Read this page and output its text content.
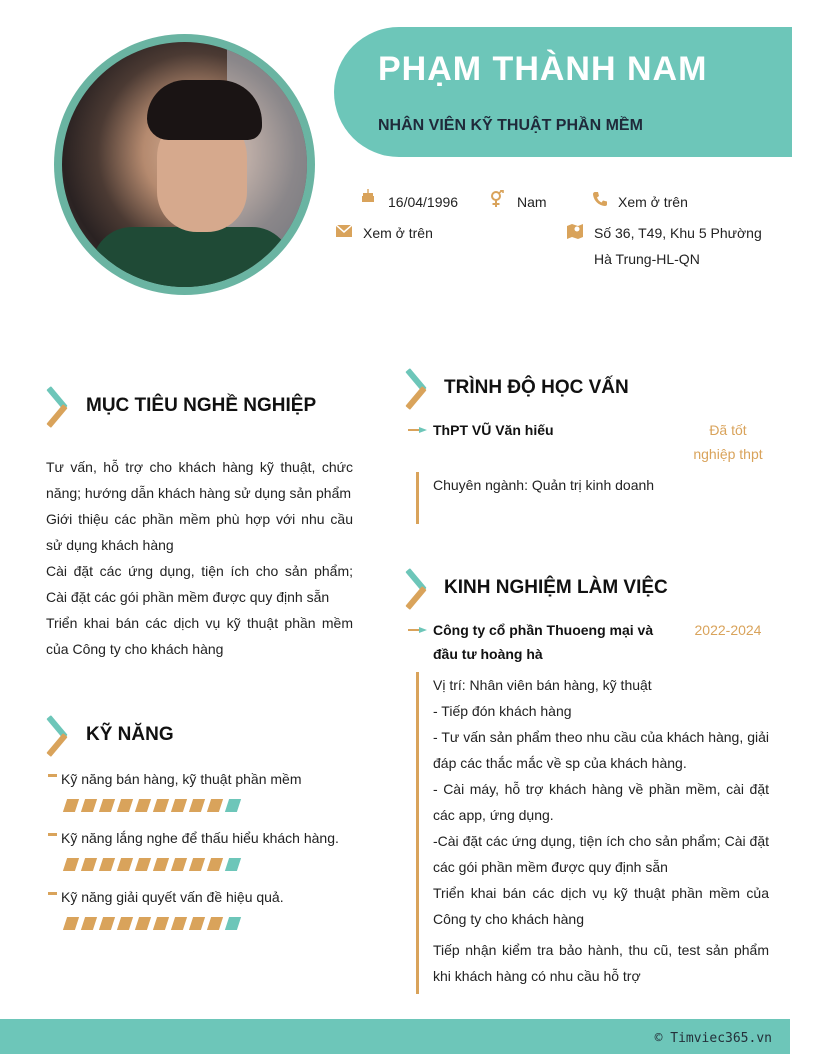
PHẠM THÀNH NAM
NHÂN VIÊN KỸ THUẬT PHẦN MỀM
16/04/1996	Nam	Xem ở trên
Xem ở trên	Số 36, T49, Khu 5 Phường
Hà Trung-HL-QN
MỤC TIÊU NGHỀ NGHIỆP
Tư vấn, hỗ trợ cho khách hàng kỹ thuật, chức năng; hướng dẫn khách hàng sử dụng sản phẩm
Giới thiệu các phần mềm phù hợp với nhu cầu sử dụng khách hàng
Cài đặt các ứng dụng, tiện ích cho sản phẩm; Cài đặt các gói phần mềm được quy định sẵn
Triển khai bán các dịch vụ kỹ thuật phần mềm của Công ty cho khách hàng
KỸ NĂNG
Kỹ năng bán hàng, kỹ thuật phần mềm
Kỹ năng lắng nghe để thấu hiểu khách hàng.
Kỹ năng giải quyết vấn đề hiệu quả.
TRÌNH ĐỘ HỌC VẤN
ThPT VŨ Văn hiếu	Đã tốt
nghiệp thpt
Chuyên ngành: Quản trị kinh doanh
KINH NGHIỆM LÀM VIỆC
Công ty cổ phần Thuoeng mại và
đầu tư hoàng hà
2022-2024
Vị trí: Nhân viên bán hàng, kỹ thuật
- Tiếp đón khách hàng
- Tư vấn sản phẩm theo nhu cầu của khách hàng, giải đáp các thắc mắc về sp của khách hàng.
- Cài máy, hỗ trợ khách hàng về phần mềm, cài đặt các app, ứng dụng.
-Cài đặt các ứng dụng, tiện ích cho sản phẩm; Cài đặt các gói phần mềm được quy định sẵn
Triển khai bán các dịch vụ kỹ thuật phần mềm của Công ty cho khách hàng
Tiếp nhận kiểm tra bảo hành, thu cũ, test sản phẩm khi khách hàng có nhu cầu hỗ trợ
© Timviec365.vn
